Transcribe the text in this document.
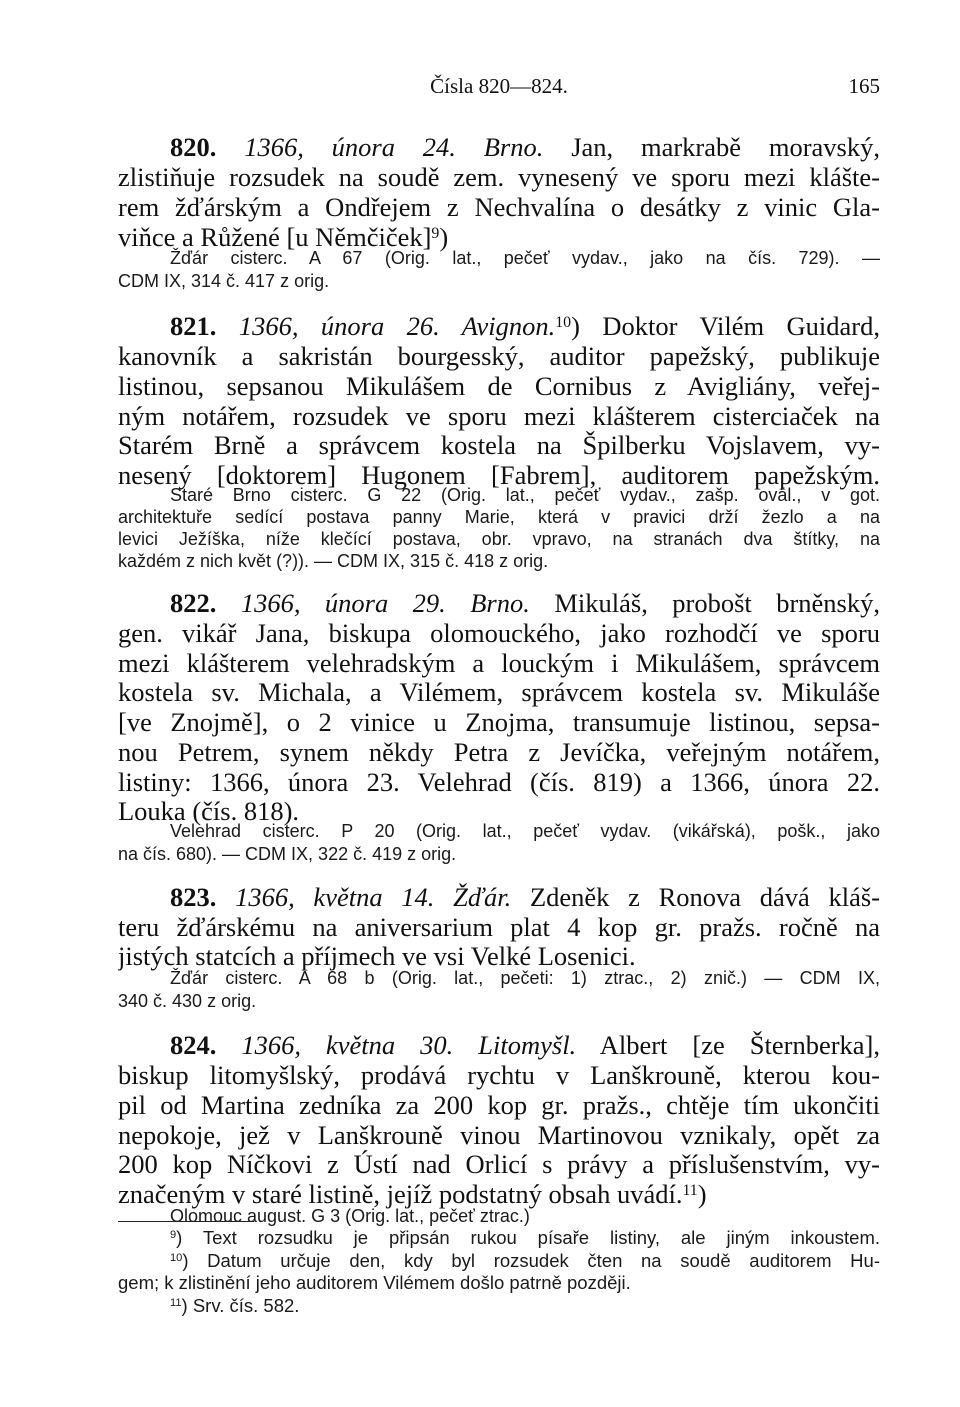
Čísla 820—824.	165
820. 1366, února 24. Brno. Jan, markrabě moravský,
zlistiňuje rozsudek na soudě zem. vynesený ve sporu mezi klášte-
rem žďárským a Ondřejem z Nechvalína o desátky z vinic Gla-
viňce a Růžené [u Němčiček]$^9$)
Žďár cisterc. A 67 (Orig. lat., pečeť vydav., jako na čís. 729). —
CDM IX, 314 č. 417 z orig.
821. 1366, února 26. Avignon.$^{10}$) Doktor Vilém Guidard,
kanovník a sakristán bourgesský, auditor papežský, publikuje
listinou, sepsanou Mikulášem de Cornibus z Avigliány, veřej-
ným notářem, rozsudek ve sporu mezi klášterem cisterciaček na
Starém Brně a správcem kostela na Špilberku Vojslavem, vy-
nesený [doktorem] Hugonem [Fabrem], auditorem papežským.
Staré Brno cisterc. G 22 (Orig. lat., pečeť vydav., zašp. ovál., v got.
architektuře sedící postava panny Marie, která v pravici drží žezlo a na
levici Ježíška, níže klečící postava, obr. vpravo, na stranách dva štítky, na
každém z nich květ (?)). — CDM IX, 315 č. 418 z orig.
822. 1366, února 29. Brno. Mikuláš, probošt brněnský,
gen. vikář Jana, biskupa olomouckého, jako rozhodčí ve sporu
mezi klášterem velehradským a louckým i Mikulášem, správcem
kostela sv. Michala, a Vilémem, správcem kostela sv. Mikuláše
[ve Znojmě], o 2 vinice u Znojma, transumuje listinou, sepsa-
nou Petrem, synem někdy Petra z Jevíčka, veřejným notářem,
listiny: 1366, února 23. Velehrad (čís. 819) a 1366, února 22.
Louka (čís. 818).
Velehrad cisterc. P 20 (Orig. lat., pečeť vydav. (vikářská), pošk., jako
na čís. 680). — CDM IX, 322 č. 419 z orig.
823. 1366, května 14. Žďár. Zdeněk z Ronova dává kláš-
teru žďárskému na aniversarium plat 4 kop gr. pražs. ročně na
jistých statcích a příjmech ve vsi Velké Losenici.
Žďár cisterc. A 68 b (Orig. lat., pečeti: 1) ztrac., 2) znič.) — CDM IX,
340 č. 430 z orig.
824. 1366, května 30. Litomyšl. Albert [ze Šternberka],
biskup litomyšlský, prodává rychtu v Lanškrouně, kterou kou-
pil od Martina zedníka za 200 kop gr. pražs., chtěje tím ukončiti
nepokoje, jež v Lanškrouně vinou Martinovou vznikaly, opět za
200 kop Níčkovi z Ústí nad Orlicí s právy a příslušenstvím, vy-
značeným v staré listině, jejíž podstatný obsah uvádí.$^{11}$)
Olomouc august. G 3 (Orig. lat., pečeť ztrac.)
$^9$) Text rozsudku je připsán rukou písaře listiny, ale jiným inkoustem.
$^{10}$) Datum určuje den, kdy byl rozsudek čten na soudě auditorem Hu-
gem; k zlistinění jeho auditorem Vilémem došlo patrně později.
$^{11}$) Srv. čís. 582.
